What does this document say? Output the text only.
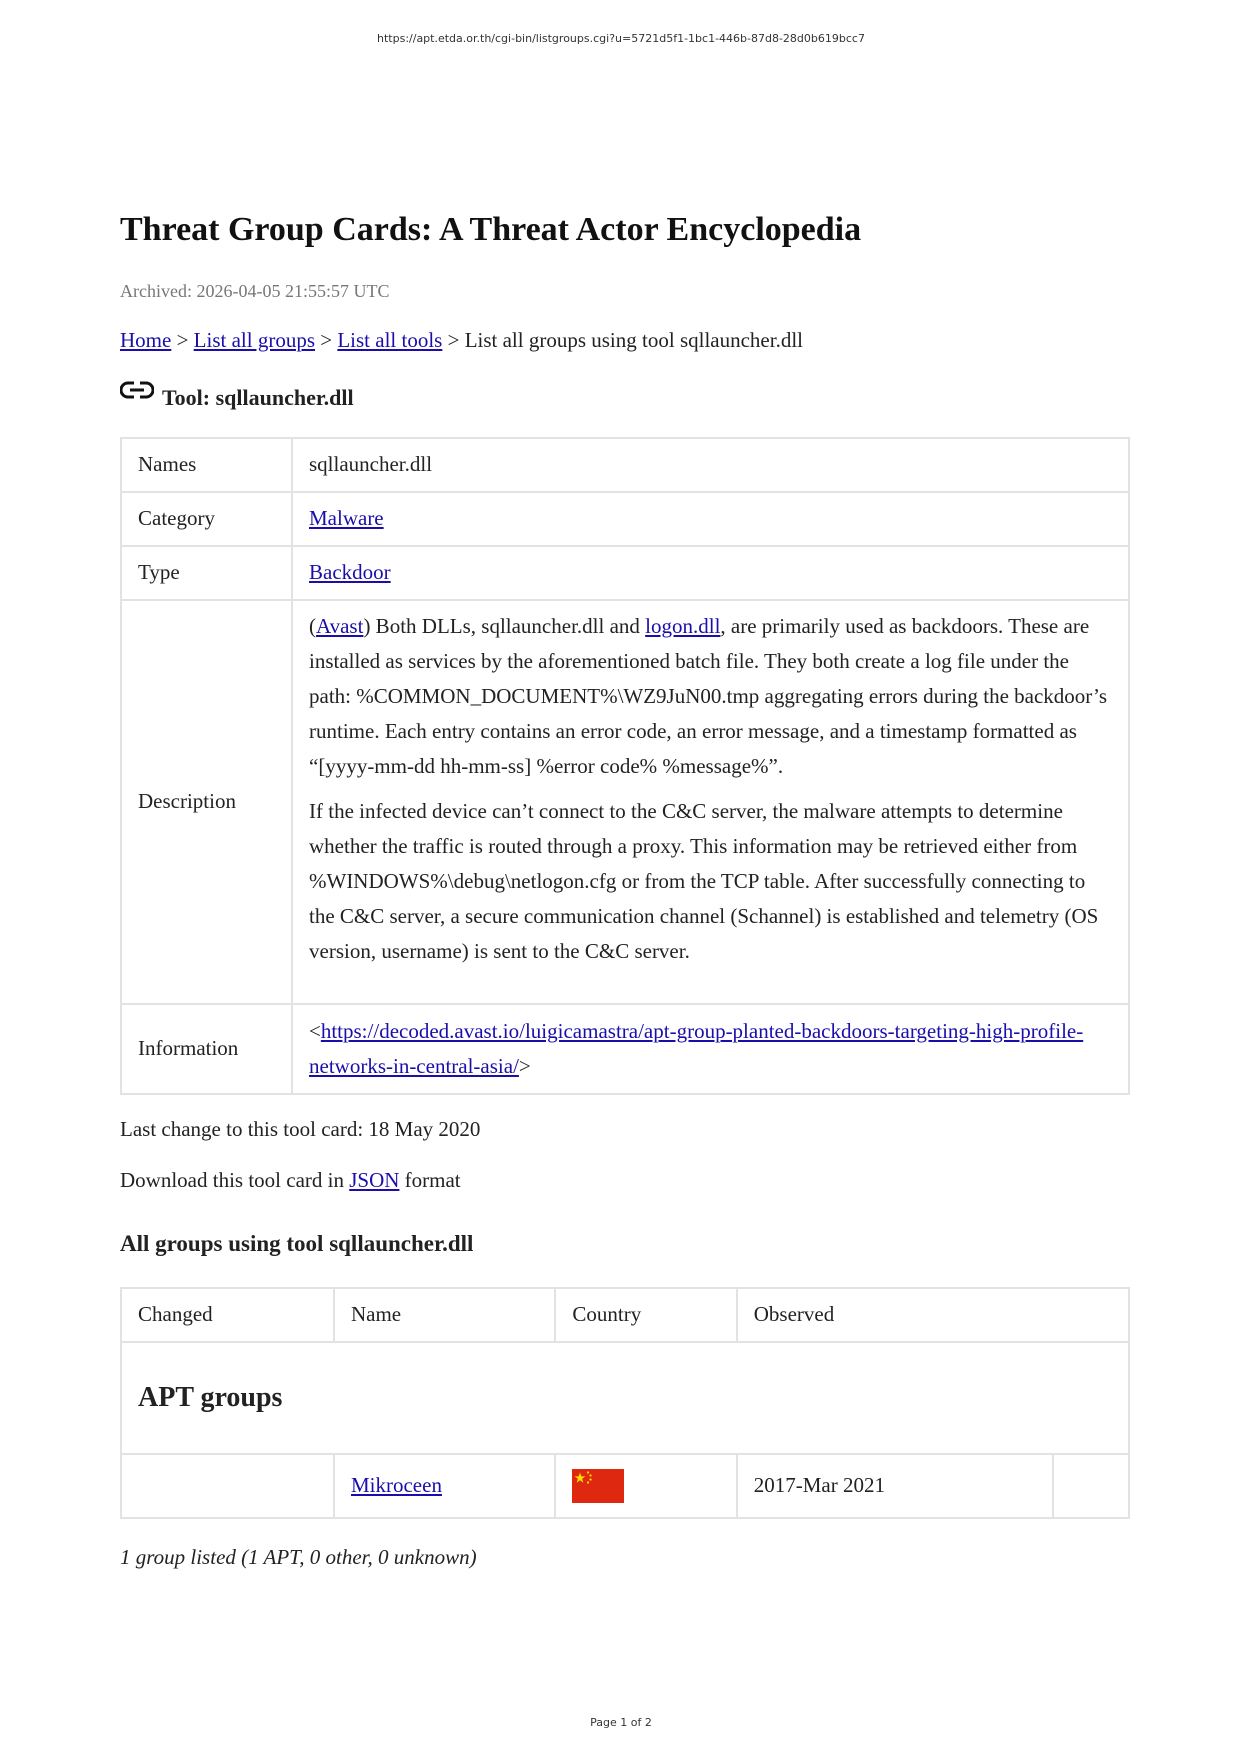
https://apt.etda.or.th/cgi-bin/listgroups.cgi?u=5721d5f1-1bc1-446b-87d8-28d0b619bcc7
Threat Group Cards: A Threat Actor Encyclopedia
Archived: 2026-04-05 21:55:57 UTC
Home > List all groups > List all tools > List all groups using tool sqllauncher.dll
Tool: sqllauncher.dll
Names	sqllauncher.dll
Category	Malware
Type	Backdoor
Description	(Avast) Both DLLs, sqllauncher.dll and logon.dll, are primarily used as backdoors. These are installed as services by the aforementioned batch file. They both create a log file under the path: %COMMON_DOCUMENT%\WZ9JuN00.tmp aggregating errors during the backdoor’s runtime. Each entry contains an error code, an error message, and a timestamp formatted as “[yyyy-mm-dd hh-mm-ss] %error code% %message%”.

If the infected device can’t connect to the C&C server, the malware attempts to determine whether the traffic is routed through a proxy. This information may be retrieved either from %WINDOWS%\debug\netlogon.cfg or from the TCP table. After successfully connecting to the C&C server, a secure communication channel (Schannel) is established and telemetry (OS version, username) is sent to the C&C server.

Information	<https://decoded.avast.io/luigicamastra/apt-group-planted-backdoors-targeting-high-profile-networks-in-central-asia/>
Last change to this tool card: 18 May 2020
Download this tool card in JSON format
All groups using tool sqllauncher.dll
Changed	Name	Country	Observed	
APT groups				
	Mikroceen		2017-Mar 2021	
1 group listed (1 APT, 0 other, 0 unknown)
Page 1 of 2
